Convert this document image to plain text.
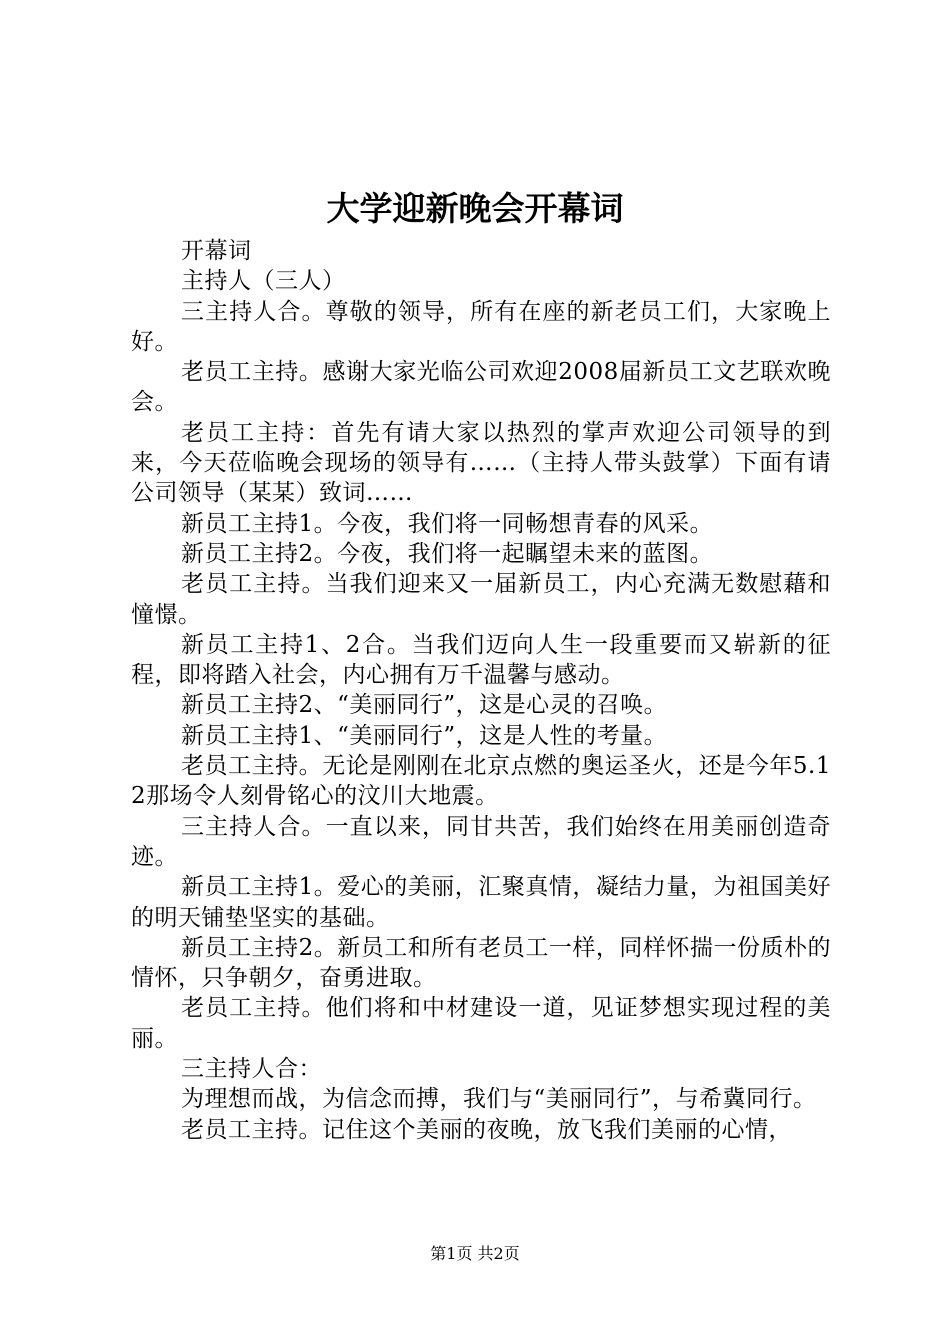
大学迎新晚会开幕词

开幕词

主持人（三人）

三主持人合。尊敬的领导，所有在座的新老员工们，大家晚上好。

老员工主持。感谢大家光临公司欢迎2008届新员工文艺联欢晚会。

老员工主持：首先有请大家以热烈的掌声欢迎公司领导的到来，今天莅临晚会现场的领导有……（主持人带头鼓掌）下面有请公司领导（某某）致词……

新员工主持1。今夜，我们将一同畅想青春的风采。

新员工主持2。今夜，我们将一起瞩望未来的蓝图。

老员工主持。当我们迎来又一届新员工，内心充满无数慰藉和憧憬。

新员工主持1、2合。当我们迈向人生一段重要而又崭新的征程，即将踏入社会，内心拥有万千温馨与感动。

新员工主持2、“美丽同行”，这是心灵的召唤。

新员工主持1、“美丽同行”，这是人性的考量。

老员工主持。无论是刚刚在北京点燃的奥运圣火，还是今年5.12那场令人刻骨铭心的汶川大地震。

三主持人合。一直以来，同甘共苦，我们始终在用美丽创造奇迹。

新员工主持1。爱心的美丽，汇聚真情，凝结力量，为祖国美好的明天铺垫坚实的基础。

新员工主持2。新员工和所有老员工一样，同样怀揣一份质朴的情怀，只争朝夕，奋勇进取。

老员工主持。他们将和中材建设一道，见证梦想实现过程的美丽。

三主持人合：

为理想而战，为信念而搏，我们与“美丽同行”，与希冀同行。

老员工主持。记住这个美丽的夜晚，放飞我们美丽的心情，

第1页 共2页
